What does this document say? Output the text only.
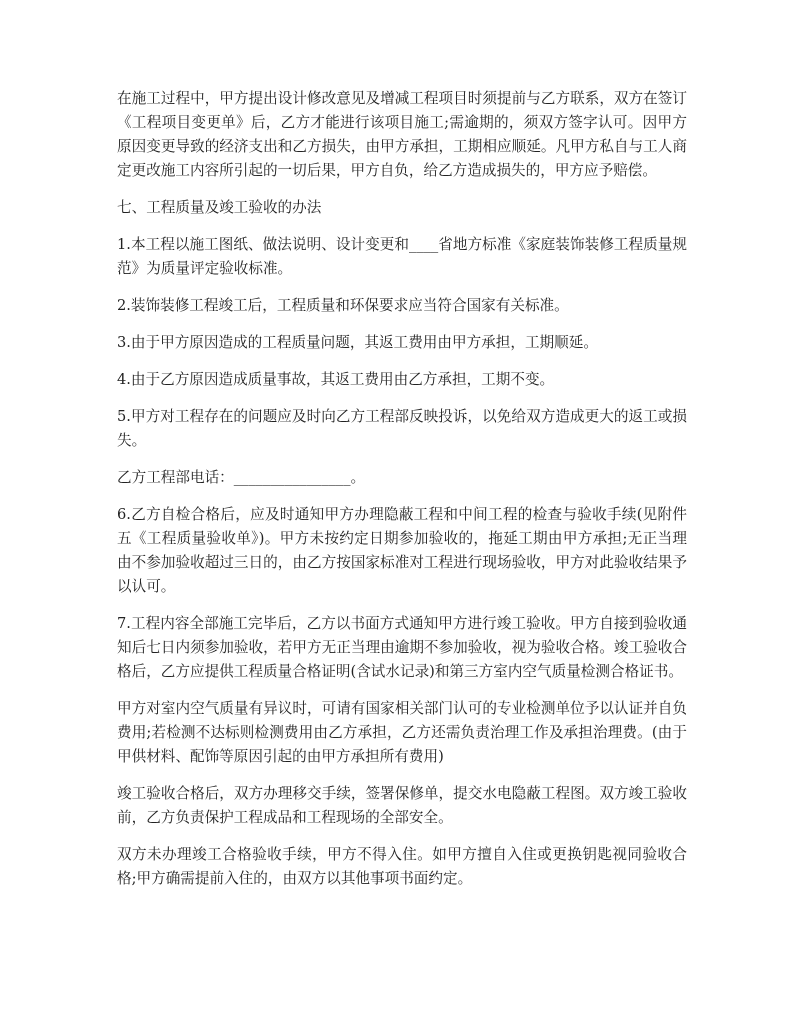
在施工过程中，甲方提出设计修改意见及增减工程项目时须提前与乙方联系，双方在签订《工程项目变更单》后，乙方才能进行该项目施工;需逾期的，须双方签字认可。因甲方原因变更导致的经济支出和乙方损失，由甲方承担，工期相应顺延。凡甲方私自与工人商定更改施工内容所引起的一切后果，甲方自负，给乙方造成损失的，甲方应予赔偿。

七、工程质量及竣工验收的办法

1.本工程以施工图纸、做法说明、设计变更和____省地方标准《家庭装饰装修工程质量规范》为质量评定验收标准。

2.装饰装修工程竣工后，工程质量和环保要求应当符合国家有关标准。

3.由于甲方原因造成的工程质量问题，其返工费用由甲方承担，工期顺延。

4.由于乙方原因造成质量事故，其返工费用由乙方承担，工期不变。

5.甲方对工程存在的问题应及时向乙方工程部反映投诉，以免给双方造成更大的返工或损失。

乙方工程部电话：________________。

6.乙方自检合格后，应及时通知甲方办理隐蔽工程和中间工程的检查与验收手续(见附件五《工程质量验收单》)。甲方未按约定日期参加验收的，拖延工期由甲方承担;无正当理由不参加验收超过三日的，由乙方按国家标准对工程进行现场验收，甲方对此验收结果予以认可。

7.工程内容全部施工完毕后，乙方以书面方式通知甲方进行竣工验收。甲方自接到验收通知后七日内须参加验收，若甲方无正当理由逾期不参加验收，视为验收合格。竣工验收合格后，乙方应提供工程质量合格证明(含试水记录)和第三方室内空气质量检测合格证书。

甲方对室内空气质量有异议时，可请有国家相关部门认可的专业检测单位予以认证并自负费用;若检测不达标则检测费用由乙方承担，乙方还需负责治理工作及承担治理费。(由于甲供材料、配饰等原因引起的由甲方承担所有费用)

竣工验收合格后，双方办理移交手续，签署保修单，提交水电隐蔽工程图。双方竣工验收前，乙方负责保护工程成品和工程现场的全部安全。

双方未办理竣工合格验收手续，甲方不得入住。如甲方擅自入住或更换钥匙视同验收合格;甲方确需提前入住的，由双方以其他事项书面约定。
